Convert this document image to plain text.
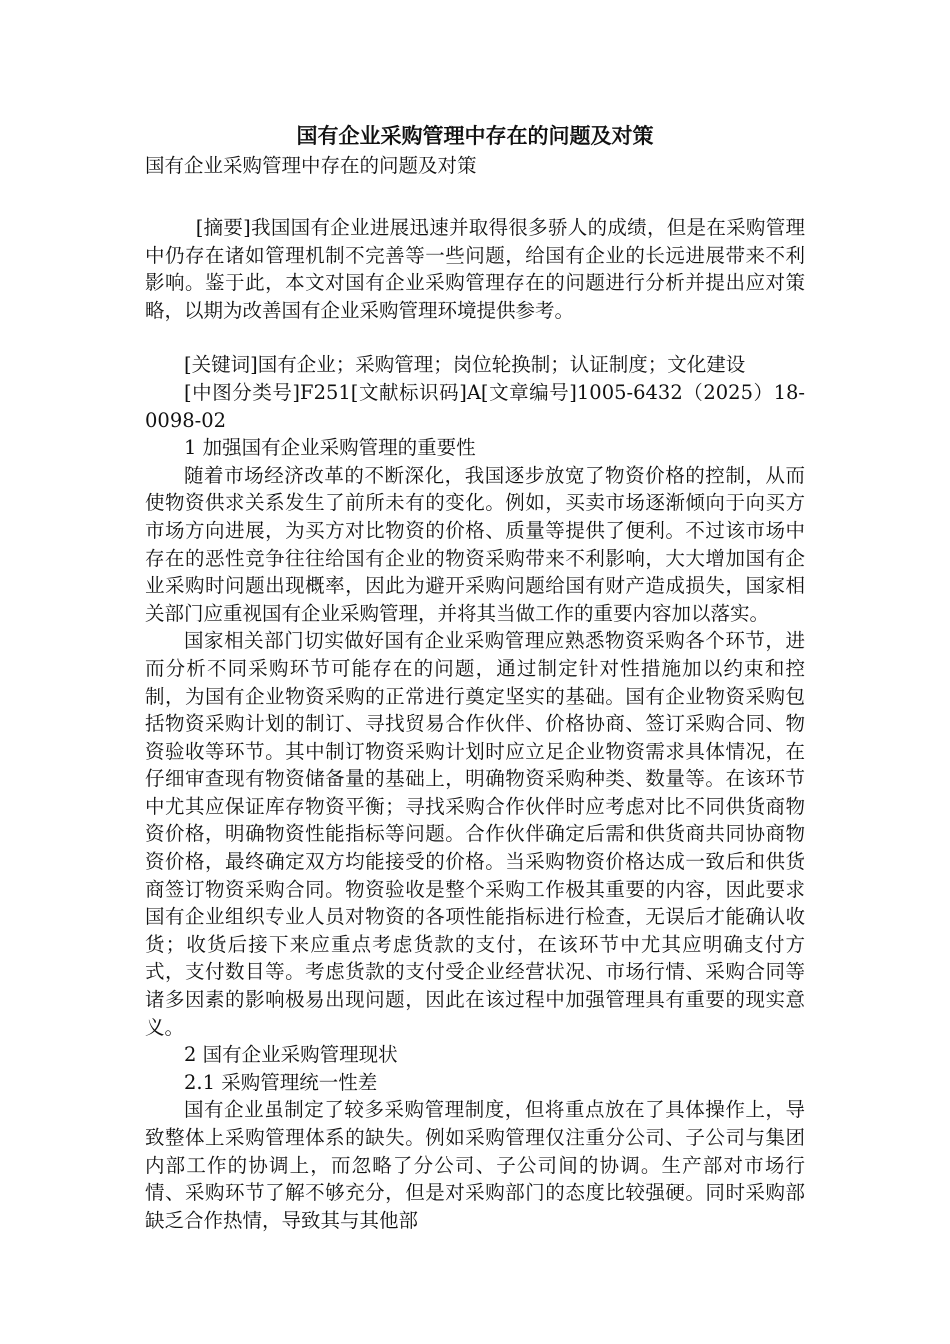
国有企业采购管理中存在的问题及对策
国有企业采购管理中存在的问题及对策

[摘要]我国国有企业进展迅速并取得很多骄人的成绩，但是在采购管理中仍存在诸如管理机制不完善等一些问题，给国有企业的长远进展带来不利影响。鉴于此，本文对国有企业采购管理存在的问题进行分析并提出应对策略，以期为改善国有企业采购管理环境提供参考。

[关键词]国有企业；采购管理；岗位轮换制；认证制度；文化建设

[中图分类号]F251[文献标识码]A[文章编号]1005-6432（2025）18-0098-02

1 加强国有企业采购管理的重要性

随着市场经济改革的不断深化，我国逐步放宽了物资价格的控制，从而使物资供求关系发生了前所未有的变化。例如，买卖市场逐渐倾向于向买方市场方向进展，为买方对比物资的价格、质量等提供了便利。不过该市场中存在的恶性竞争往往给国有企业的物资采购带来不利影响，大大增加国有企业采购时问题出现概率，因此为避开采购问题给国有财产造成损失，国家相关部门应重视国有企业采购管理，并将其当做工作的重要内容加以落实。

国家相关部门切实做好国有企业采购管理应熟悉物资采购各个环节，进而分析不同采购环节可能存在的问题，通过制定针对性措施加以约束和控制，为国有企业物资采购的正常进行奠定坚实的基础。国有企业物资采购包括物资采购计划的制订、寻找贸易合作伙伴、价格协商、签订采购合同、物资验收等环节。其中制订物资采购计划时应立足企业物资需求具体情况，在仔细审查现有物资储备量的基础上，明确物资采购种类、数量等。在该环节中尤其应保证库存物资平衡；寻找采购合作伙伴时应考虑对比不同供货商物资价格，明确物资性能指标等问题。合作伙伴确定后需和供货商共同协商物资价格，最终确定双方均能接受的价格。当采购物资价格达成一致后和供货商签订物资采购合同。物资验收是整个采购工作极其重要的内容，因此要求国有企业组织专业人员对物资的各项性能指标进行检查，无误后才能确认收货；收货后接下来应重点考虑货款的支付，在该环节中尤其应明确支付方式，支付数目等。考虑货款的支付受企业经营状况、市场行情、采购合同等诸多因素的影响极易出现问题，因此在该过程中加强管理具有重要的现实意义。

2 国有企业采购管理现状

2.1 采购管理统一性差

国有企业虽制定了较多采购管理制度，但将重点放在了具体操作上，导致整体上采购管理体系的缺失。例如采购管理仅注重分公司、子公司与集团内部工作的协调上，而忽略了分公司、子公司间的协调。生产部对市场行情、采购环节了解不够充分，但是对采购部门的态度比较强硬。同时采购部缺乏合作热情，导致其与其他部
